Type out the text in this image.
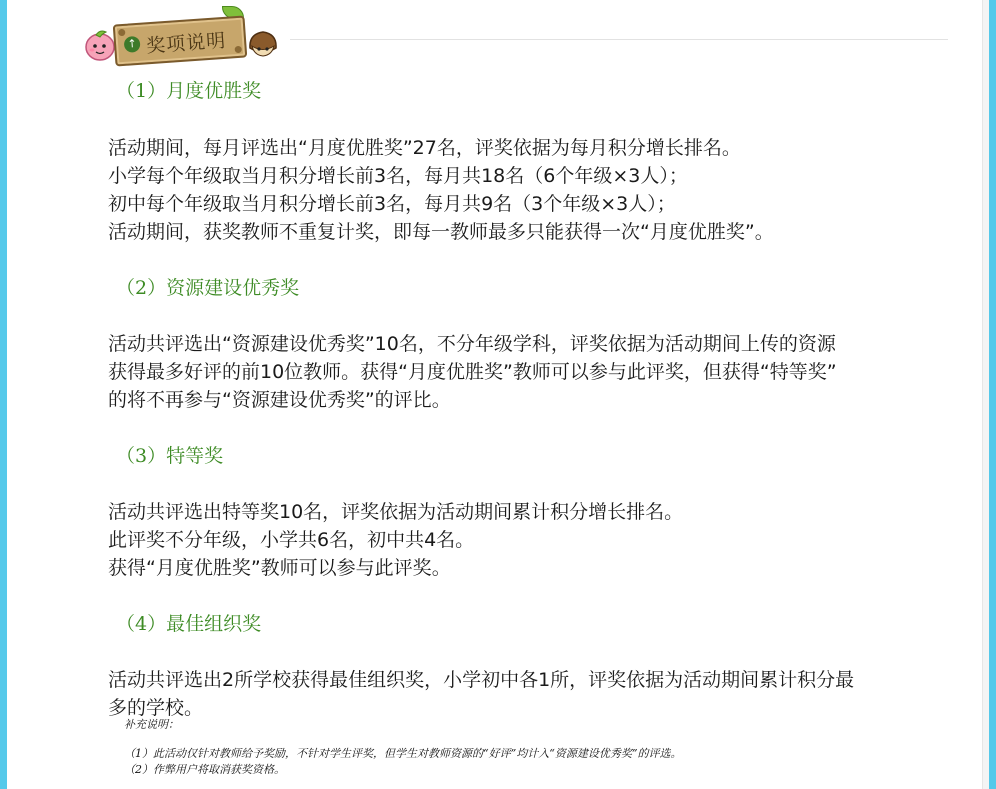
↑ 奖项说明
（1）月度优胜奖
活动期间，每月评选出“月度优胜奖”27名，评奖依据为每月积分增长排名。
小学每个年级取当月积分增长前3名，每月共18名（6个年级×3人）；
初中每个年级取当月积分增长前3名，每月共9名（3个年级×3人）；
活动期间，获奖教师不重复计奖，即每一教师最多只能获得一次“月度优胜奖”。
（2）资源建设优秀奖
活动共评选出“资源建设优秀奖”10名，不分年级学科，评奖依据为活动期间上传的资源
获得最多好评的前10位教师。获得“月度优胜奖”教师可以参与此评奖，但获得“特等奖”
的将不再参与“资源建设优秀奖”的评比。
（3）特等奖
活动共评选出特等奖10名，评奖依据为活动期间累计积分增长排名。
此评奖不分年级，小学共6名，初中共4名。
获得“月度优胜奖”教师可以参与此评奖。
（4）最佳组织奖
活动共评选出2所学校获得最佳组织奖，小学初中各1所，评奖依据为活动期间累计积分最
多的学校。
补充说明：
（1）此活动仅针对教师给予奖励，不针对学生评奖，但学生对教师资源的“好评”均计入“资源建设优秀奖”的评选。
（2）作弊用户将取消获奖资格。
